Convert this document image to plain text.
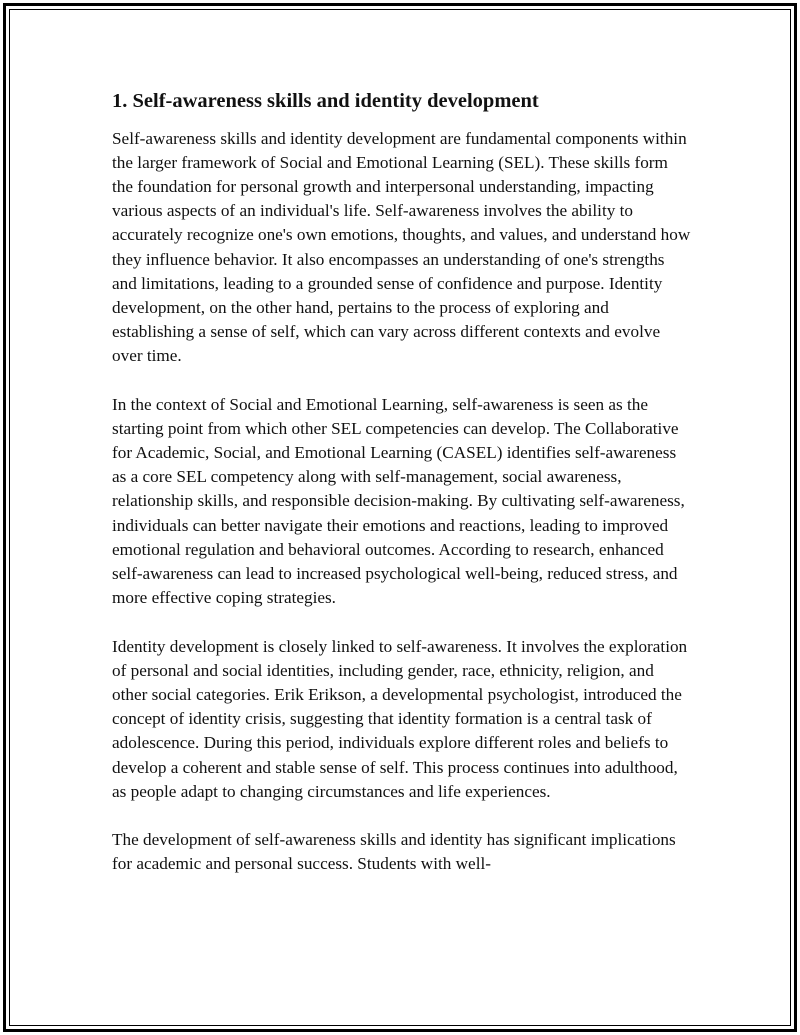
1. Self-awareness skills and identity development

Self-awareness skills and identity development are fundamental components within the larger framework of Social and Emotional Learning (SEL). These skills form the foundation for personal growth and interpersonal understanding, impacting various aspects of an individual's life. Self-awareness involves the ability to accurately recognize one's own emotions, thoughts, and values, and understand how they influence behavior. It also encompasses an understanding of one's strengths and limitations, leading to a grounded sense of confidence and purpose. Identity development, on the other hand, pertains to the process of exploring and establishing a sense of self, which can vary across different contexts and evolve over time.

In the context of Social and Emotional Learning, self-awareness is seen as the starting point from which other SEL competencies can develop. The Collaborative for Academic, Social, and Emotional Learning (CASEL) identifies self-awareness as a core SEL competency along with self-management, social awareness, relationship skills, and responsible decision-making. By cultivating self-awareness, individuals can better navigate their emotions and reactions, leading to improved emotional regulation and behavioral outcomes. According to research, enhanced self-awareness can lead to increased psychological well-being, reduced stress, and more effective coping strategies.

Identity development is closely linked to self-awareness. It involves the exploration of personal and social identities, including gender, race, ethnicity, religion, and other social categories. Erik Erikson, a developmental psychologist, introduced the concept of identity crisis, suggesting that identity formation is a central task of adolescence. During this period, individuals explore different roles and beliefs to develop a coherent and stable sense of self. This process continues into adulthood, as people adapt to changing circumstances and life experiences.

The development of self-awareness skills and identity has significant implications for academic and personal success. Students with well-
